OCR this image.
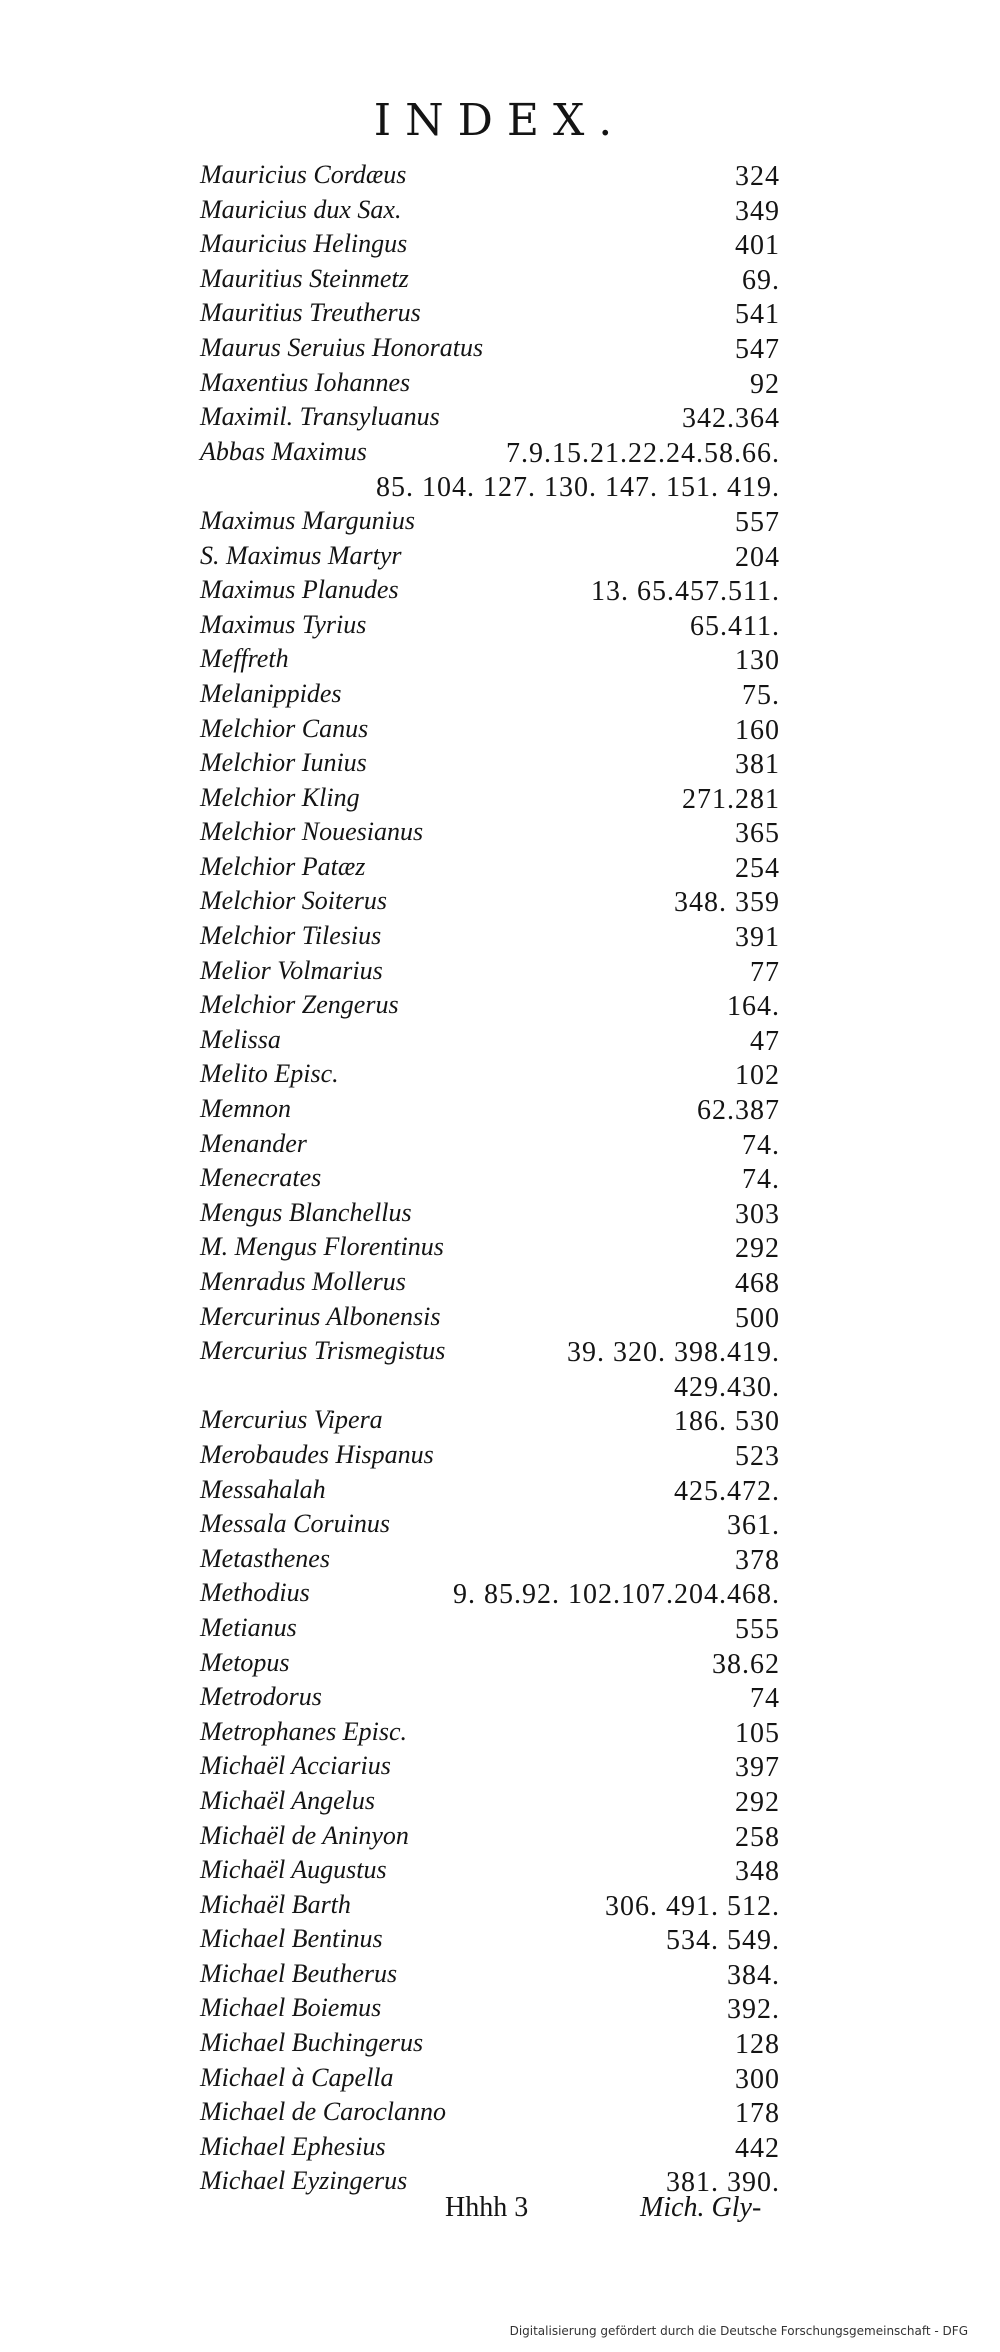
INDEX.
Mauricius Cordæus	324
Mauricius dux Sax.	349
Mauricius Helingus	401
Mauritius Steinmetz	69.
Mauritius Treutherus	541
Maurus Seruius Honoratus	547
Maxentius Iohannes	92
Maximil. Transyluanus	342.364
Abbas Maximus	7.9.15.21.22.24.58.66.
85. 104. 127. 130. 147. 151. 419.
Maximus Margunius	557
S. Maximus Martyr	204
Maximus Planudes	13. 65.457.511.
Maximus Tyrius	65.411.
Meffreth	130
Melanippides	75.
Melchior Canus	160
Melchior Iunius	381
Melchior Kling	271.281
Melchior Nouesianus	365
Melchior Patæz	254
Melchior Soiterus	348. 359
Melchior Tilesius	391
Melior Volmarius	77
Melchior Zengerus	164.
Melissa	47
Melito Episc.	102
Memnon	62.387
Menander	74.
Menecrates	74.
Mengus Blanchellus	303
M. Mengus Florentinus	292
Menradus Mollerus	468
Mercurinus Albonensis	500
Mercurius Trismegistus	39. 320. 398.419.
429.430.
Mercurius Vipera	186. 530
Merobaudes Hispanus	523
Messahalah	425.472.
Messala Coruinus	361.
Metasthenes	378
Methodius	9. 85.92. 102.107.204.468.
Metianus	555
Metopus	38.62
Metrodorus	74
Metrophanes Episc.	105
Michaël Acciarius	397
Michaël Angelus	292
Michaël de Aninyon	258
Michaël Augustus	348
Michaël Barth	306. 491. 512.
Michael Bentinus	534. 549.
Michael Beutherus	384.
Michael Boiemus	392.
Michael Buchingerus	128
Michael à Capella	300
Michael de Caroclanno	178
Michael Ephesius	442
Michael Eyzingerus	381. 390.
Hhhh 3	Mich. Gly-
Digitalisierung gefördert durch die Deutsche Forschungsgemeinschaft - DFG
